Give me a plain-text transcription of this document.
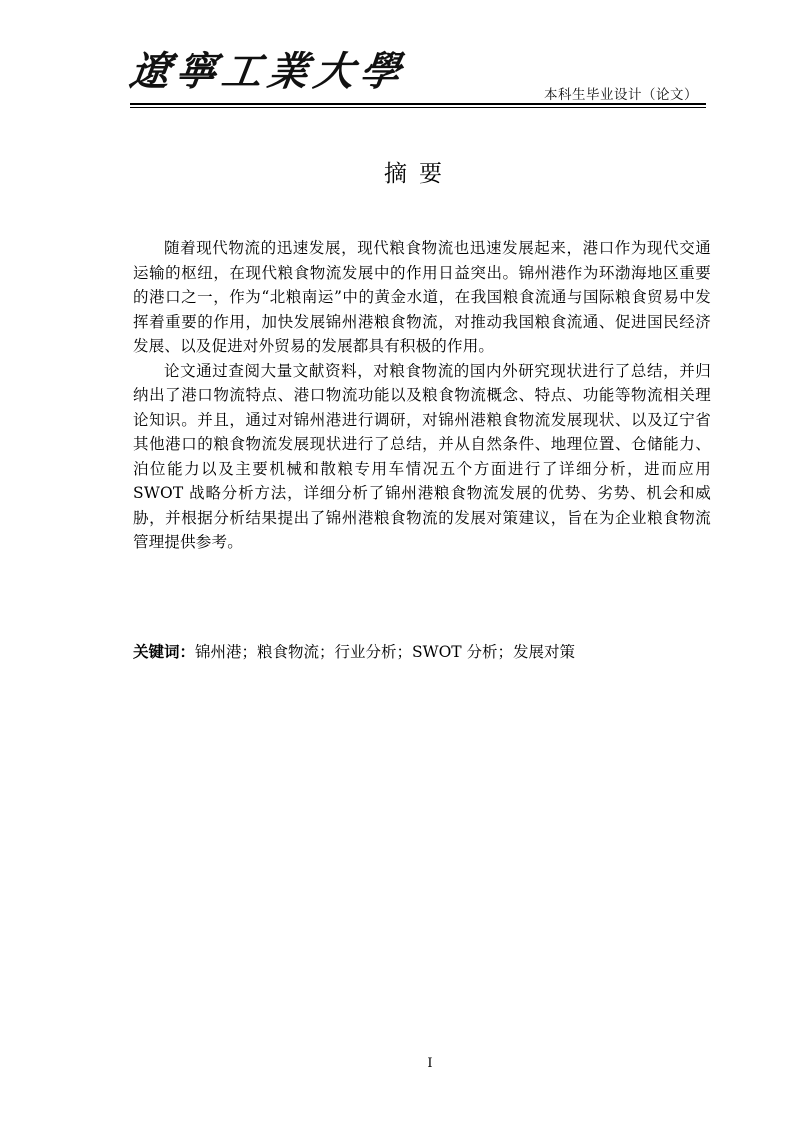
遼寧工業大學	本科生毕业设计（论文）
摘要

随着现代物流的迅速发展，现代粮食物流也迅速发展起来，港口作为现代交通运输的枢纽，在现代粮食物流发展中的作用日益突出。锦州港作为环渤海地区重要的港口之一，作为“北粮南运”中的黄金水道，在我国粮食流通与国际粮食贸易中发挥着重要的作用，加快发展锦州港粮食物流，对推动我国粮食流通、促进国民经济发展、以及促进对外贸易的发展都具有积极的作用。

论文通过查阅大量文献资料，对粮食物流的国内外研究现状进行了总结，并归纳出了港口物流特点、港口物流功能以及粮食物流概念、特点、功能等物流相关理论知识。并且，通过对锦州港进行调研，对锦州港粮食物流发展现状、以及辽宁省其他港口的粮食物流发展现状进行了总结，并从自然条件、地理位置、仓储能力、泊位能力以及主要机械和散粮专用车情况五个方面进行了详细分析，进而应用 SWOT 战略分析方法，详细分析了锦州港粮食物流发展的优势、劣势、机会和威胁，并根据分析结果提出了锦州港粮食物流的发展对策建议，旨在为企业粮食物流管理提供参考。

关键词：锦州港；粮食物流；行业分析；SWOT 分析；发展对策
I
